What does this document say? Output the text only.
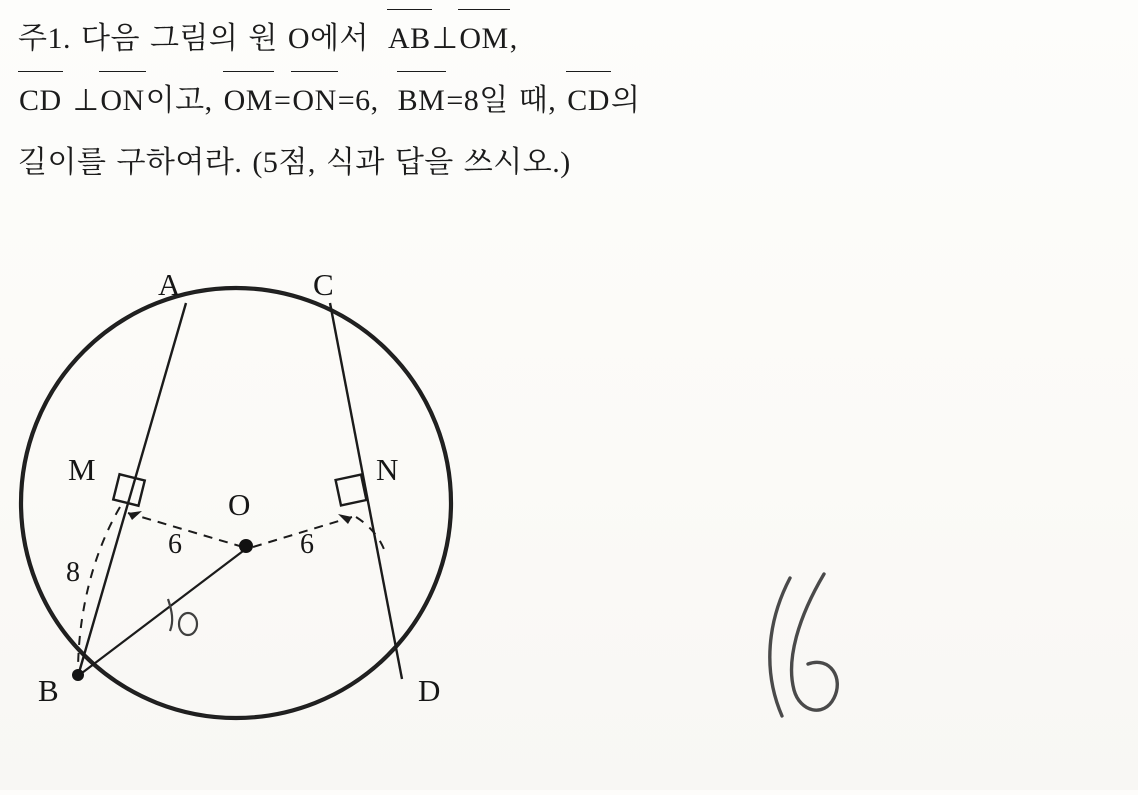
주1. 다음 그림의 원 O에서 AB⊥OM,
CD ⊥ON이고, OM=ON=6, BM=8일 때, CD의
길이를 구하여라. (5점, 식과 답을 쓰시오.)
A	C
M	N
O
B	D
6	6
8
